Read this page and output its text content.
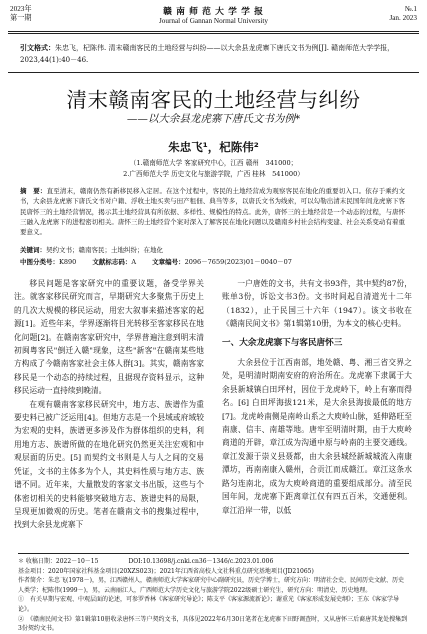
2023年
第一期
赣 南 师 范 大 学 学 报
Journal of Gannan Normal University
№.1
Jan. 2023
引文格式：朱忠飞，杞陈伟. 清末赣南客民的土地经营与纠纷——以大余县龙虎寨下唐氏文书为例[J]. 赣南师范大学学报，2023,44(1):40－46.
清末赣南客民的土地经营与纠纷
——以大余县龙虎寨下唐氏文书为例*
朱忠飞¹，杞陈伟²
（1.赣南师范大学 客家研究中心，江西 赣州　341000；
2.广西师范大学 历史文化与旅游学院，广西 桂林　541000）
摘　要：直至清末，赣南仍然有新移民移入定居。在这个过程中，客民的土地经营成为观察客民在地化的重要切入口。依存于乘约文书，大余县龙虎寨下唐氏文书对户籍、浮收土地买卖与田产租佃、典当等多，以唐氏文书为线索，可以勾勒出清末民国年间龙虎寨下客民唐怀三的土地经营情况，揭示其土地经营具有所依据、多样性、规模性的特点。此外，唐怀三的土地经营是一个动态的过程，与唐怀三融入龙虎寨下的进程密切相关。唐怀三的土地经营个案对深入了解客民在地化问题以及赣南乡村社会结构变建、社会关系变动有着重要意义。
关键词：契约文书；赣南客民；土地纠纷；在地化
中图分类号：K890 文献标志码：A 文章编号：2096－7659(2023)01－0040－07

移民问题是客家研究中的重要议题，备受学界关注。就客家移民研究而言，早期研究大多聚焦于历史上的几次大规模的移民运动，用宏大叙事来描述客家的起源[1]。近些年来，学界逐渐将目光转移至客家移民在地化问题[2]。在赣南客家研究中，学界普遍注意到明末清初闽粤客民"倒迁入赣"现象，这些"新客"在赣南某些地方构成了今赣南客家社会主体人群[3]。其实，赣南客家移民是一个动态的持续过程，且据现存资料显示，这种移民运动一直持续到晚清。

在观有赣南客家移民研究中，地方志、族谱作为重要史料已被广泛运用[4]。但地方志是一个县域或府域较为宏观的史料，族谱更多涉及作为群体组织的史料，利用地方志、族谱所做的在地化研究仍然更关注宏观和中观层面的历史。[5] 而契约文书则是人与人之间的交易凭证，文书的主体多为个人，其史料性质与地方志、族谱不同。近年来，大量散发的客家文书出版，这些与个体密切相关的史料能够突破地方志、族谱史料的局限，呈现更加微观的历史。笔者在赣南文书的搜集过程中，找到大余县龙虎寨下

一户唐姓的文书，共有文书93件，其中契约87份，账单3份，诉讼文书3份。文书时间起自清道光十二年（1832），止于民国三十六年（1947）。该文书收在《赣南民间文书》第1辑第10册，为本文的核心史料。

一、大余龙虎寨下与客民唐怀三

大余县位于江西南部，地处赣、粤、湘三省交界之处，是明清时期南安府的府治所在。龙虎寨下隶属于大余县新城镇白田坪村，因位于龙虎岭下，岭上有寨而得名。[6] 白田坪海拔121米，是大余县海拔最低的地方[7]。龙虎岭南侧是南岭山系之大庾岭山脉，延伸路旺至南康、信丰、南雄等地。唐牢至明清时期，由于大庾岭商道的开辟，章江成为沟通中原与岭南的主要交通线。章江发源于崇义县聂都，由大余县城经新城城流入南康潭坊，再南南康入赣州，合贡江而成赣江。章江这条水路匀连南北，成为大庾岭商道的重要组成部分。清至民国年间，龙虎寨下距离章江仅有四五百米，交通便利。章江沿岸一带，以低

＊ 收稿日期：2022－10－15　　　　　DOI:10.13698/j.cnki.cn36－1346/c.2023.01.006
基金项目：2020年国家社科基金项目(20XZS023)；2021年江西省高校人文社科重点研究基地项目(JD21065)
作者简介：朱忠飞(1978－)，男，江西赣州人，赣南师范大学客家研究中心副研究员，历史学博士，研究方向：明清社会史、民间历史文献、历史人类学；杞陈伟(1999－)，男，云南丽江人，广西师范大学历史文化与旅游学院2022级硕士研究生，研究方向：明清史、历史地理。
①　有关早期与宏观、中观层面的论述，可参罗香林《客家研究导论》；陈支平《客家源流新论》；谢重光《客家形成发展史纲》；王东《客家学导论》。
②　《赣南民间文书》第1辑第10册收录唐怀三等户契约文书，具体见2022年6月30日笔者在龙虎寨下田野调查时，又从唐怀三后裔唐其龙处搜集到3份契约文书。
